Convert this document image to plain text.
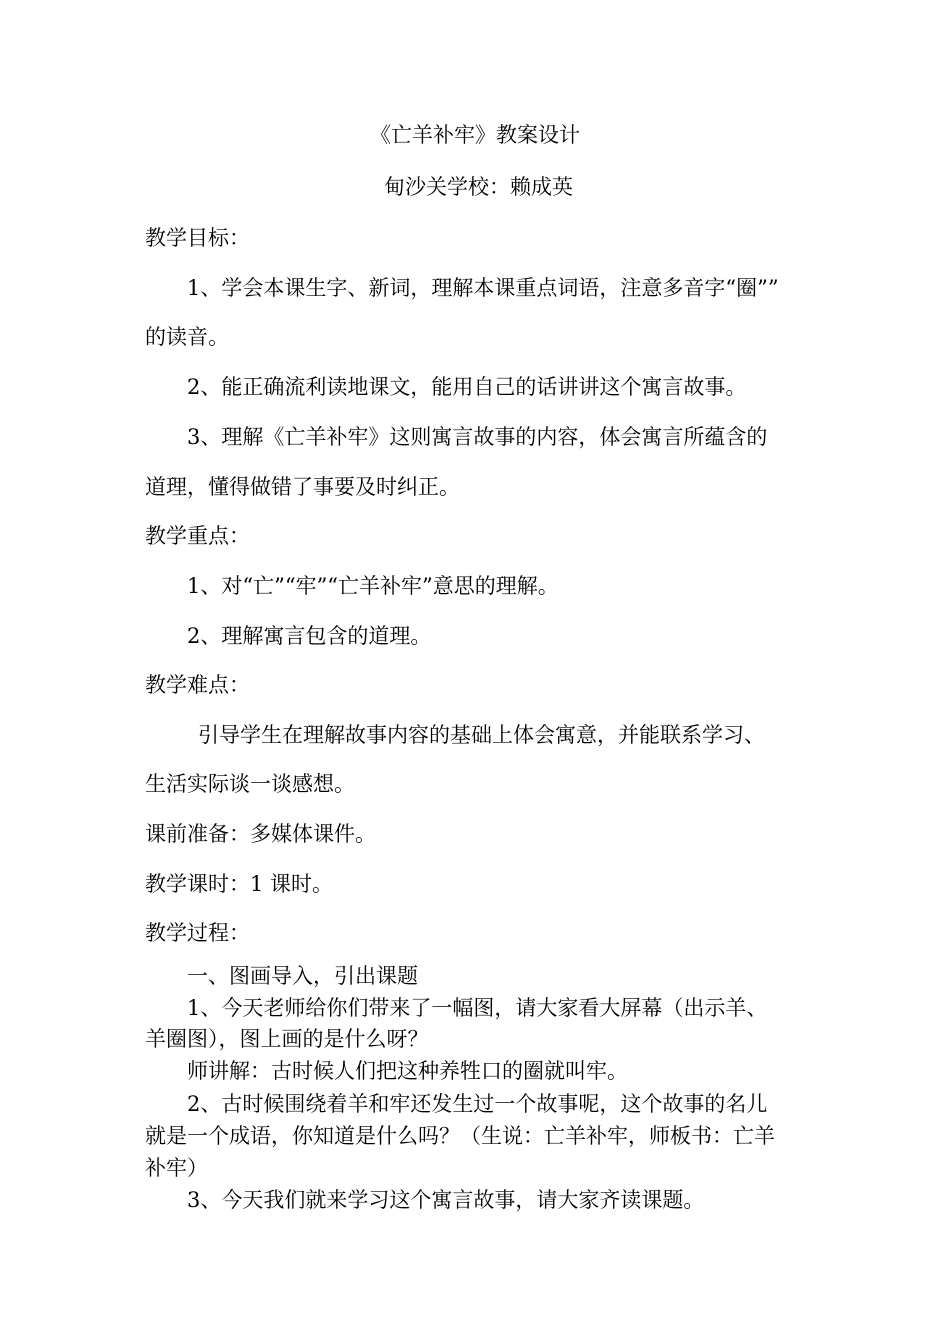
《亡羊补牢》教案设计
甸沙关学校：赖成英
教学目标：
1、学会本课生字、新词，理解本课重点词语，注意多音字“圈””
的读音。
2、能正确流利读地课文，能用自己的话讲讲这个寓言故事。
3、理解《亡羊补牢》这则寓言故事的内容，体会寓言所蕴含的
道理，懂得做错了事要及时纠正。
教学重点：
1、对“亡”“牢”“亡羊补牢”意思的理解。
2、理解寓言包含的道理。
教学难点：
引导学生在理解故事内容的基础上体会寓意，并能联系学习、
生活实际谈一谈感想。
课前准备：多媒体课件。
教学课时：1 课时。
教学过程：
一、图画导入，引出课题
1、今天老师给你们带来了一幅图，请大家看大屏幕（出示羊、
羊圈图），图上画的是什么呀？
师讲解：古时候人们把这种养牲口的圈就叫牢。
2、古时候围绕着羊和牢还发生过一个故事呢，这个故事的名儿
就是一个成语，你知道是什么吗？（生说：亡羊补牢，师板书：亡羊
补牢）
3、今天我们就来学习这个寓言故事，请大家齐读课题。
